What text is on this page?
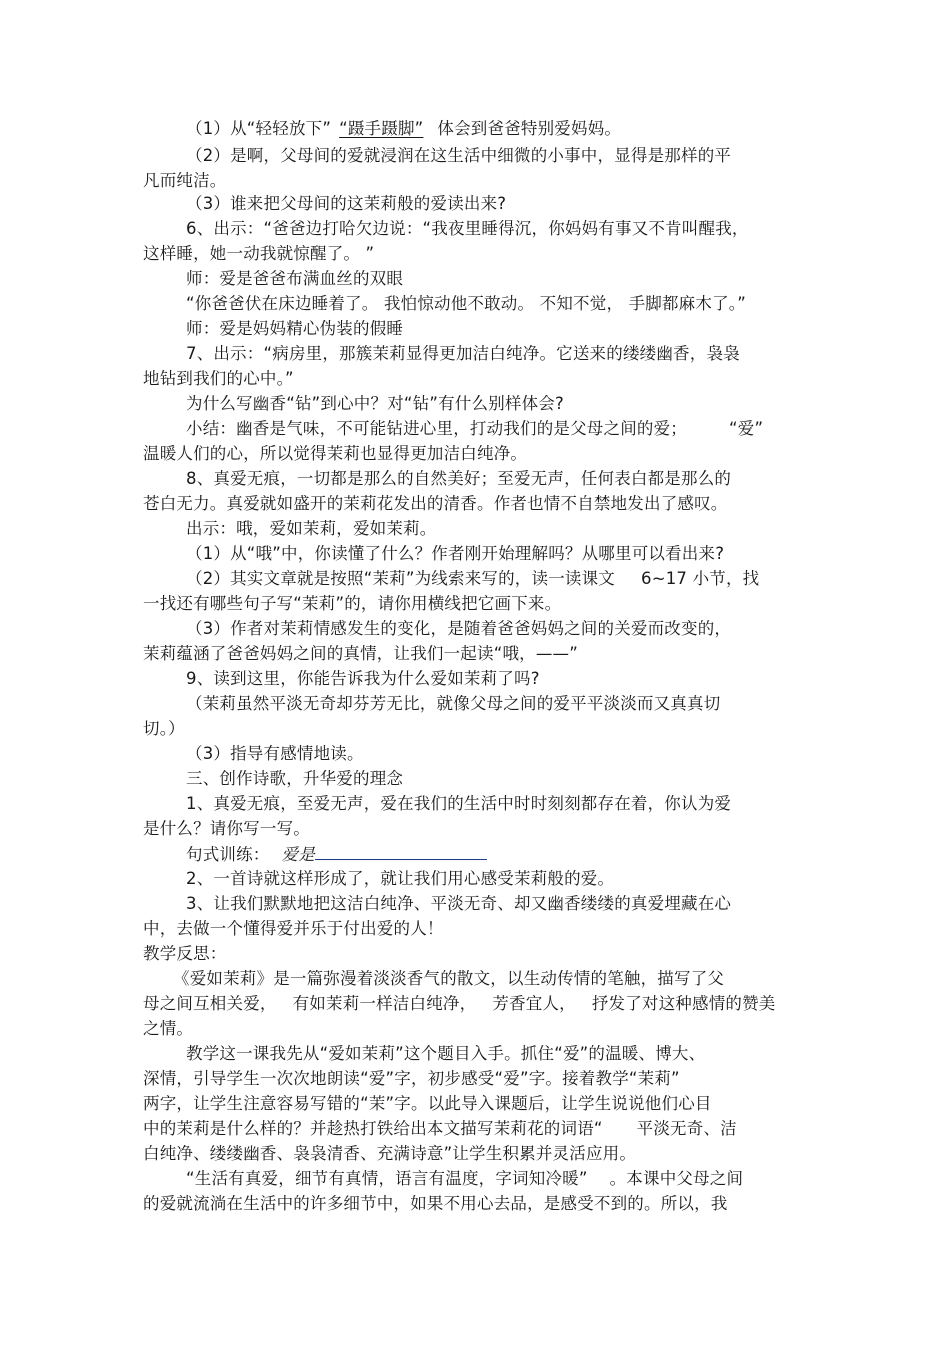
（1）从“轻轻放下” “蹑手蹑脚” 体会到爸爸特别爱妈妈。
（2）是啊，父母间的爱就浸润在这生活中细微的小事中，显得是那样的平
凡而纯洁。
（3）谁来把父母间的这茉莉般的爱读出来?
6、出示：“爸爸边打哈欠边说：“我夜里睡得沉，你妈妈有事又不肯叫醒我，
这样睡，她一动我就惊醒了。 ”
师：爱是爸爸布满血丝的双眼
“你爸爸伏在床边睡着了。 我怕惊动他不敢动。 不知不觉， 手脚都麻木了。”
师：爱是妈妈精心伪装的假睡
7、出示：“病房里，那簇茉莉显得更加洁白纯净。它送来的缕缕幽香，袅袅
地钻到我们的心中。”
为什么写幽香“钻”到心中？对“钻”有什么别样体会?
小结：幽香是气味，不可能钻进心里，打动我们的是父母之间的爱；	“爱”
温暖人们的心，所以觉得茉莉也显得更加洁白纯净。
8、真爱无痕，一切都是那么的自然美好；至爱无声，任何表白都是那么的
苍白无力。真爱就如盛开的茉莉花发出的清香。作者也情不自禁地发出了感叹。
出示：哦，爱如茉莉，爱如茉莉。
（1）从“哦”中，你读懂了什么？作者刚开始理解吗？从哪里可以看出来?
（2）其实文章就是按照“茉莉”为线索来写的，读一读课文 6~17 小节，找
一找还有哪些句子写“茉莉”的，请你用横线把它画下来。
（3）作者对茉莉情感发生的变化，是随着爸爸妈妈之间的关爱而改变的，
茉莉蕴涵了爸爸妈妈之间的真情，让我们一起读“哦，——”
9、读到这里，你能告诉我为什么爱如茉莉了吗?
（茉莉虽然平淡无奇却芬芳无比，就像父母之间的爱平平淡淡而又真真切
切。）
（3）指导有感情地读。
三、创作诗歌，升华爱的理念
1、真爱无痕，至爱无声，爱在我们的生活中时时刻刻都存在着，你认为爱
是什么？请你写一写。
句式训练： 爱是
2、一首诗就这样形成了，就让我们用心感受茉莉般的爱。
3、让我们默默地把这洁白纯净、平淡无奇、却又幽香缕缕的真爱埋藏在心
中，去做一个懂得爱并乐于付出爱的人！
教学反思：
《爱如茉莉》是一篇弥漫着淡淡香气的散文，以生动传情的笔触，描写了父
母之间互相关爱， 有如茉莉一样洁白纯净， 芳香宜人， 抒发了对这种感情的赞美
之情。
教学这一课我先从“爱如茉莉”这个题目入手。抓住“爱”的温暖、博大、
深情，引导学生一次次地朗读“爱”字，初步感受“爱”字。接着教学“茉莉”
两字，让学生注意容易写错的“茉”字。以此导入课题后，让学生说说他们心目
中的茉莉是什么样的？并趁热打铁给出本文描写茉莉花的词语“ 平淡无奇、洁
白纯净、缕缕幽香、袅袅清香、充满诗意”让学生积累并灵活应用。
“生活有真爱，细节有真情，语言有温度，字词知冷暖” 。本课中父母之间
的爱就流淌在生活中的许多细节中，如果不用心去品，是感受不到的。所以，我
